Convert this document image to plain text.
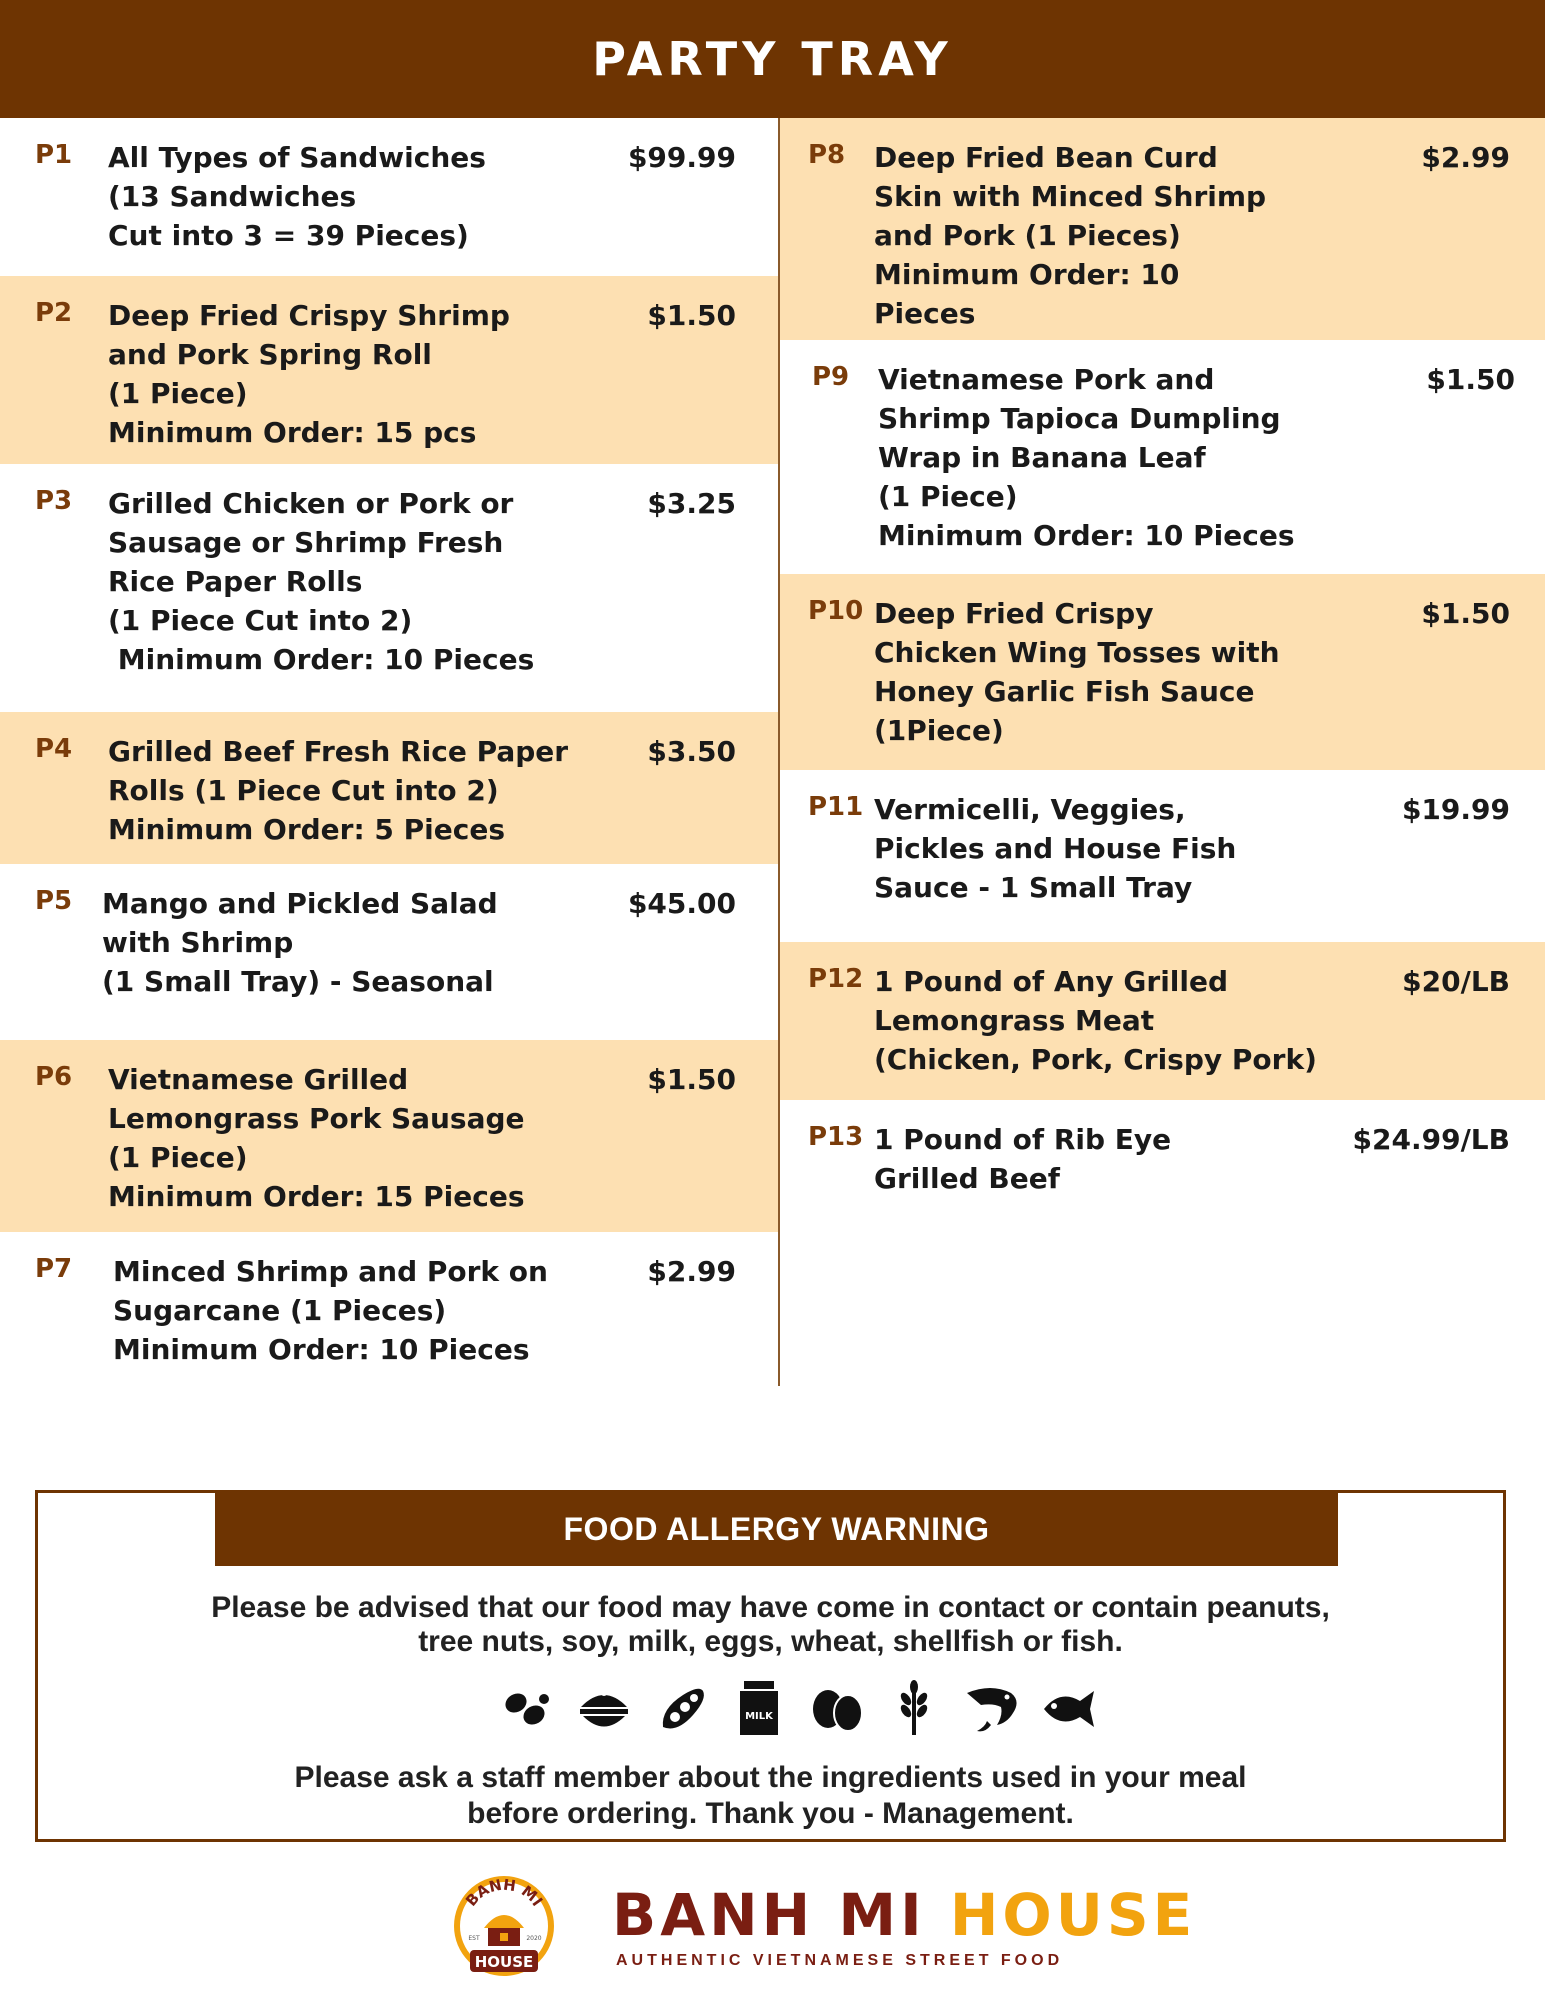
PARTY TRAY
P1 All Types of Sandwiches
(13 Sandwiches
Cut into 3 = 39 Pieces)
$99.99
P2 Deep Fried Crispy Shrimp
and Pork Spring Roll
(1 Piece)
Minimum Order: 15 pcs
$1.50
P3 Grilled Chicken or Pork or
Sausage or Shrimp Fresh
Rice Paper Rolls
(1 Piece Cut into 2)
Minimum Order: 10 Pieces
$3.25
P4 Grilled Beef Fresh Rice Paper
Rolls (1 Piece Cut into 2)
Minimum Order: 5 Pieces
$3.50
P5 Mango and Pickled Salad
with Shrimp
(1 Small Tray) - Seasonal
$45.00
P6 Vietnamese Grilled
Lemongrass Pork Sausage
(1 Piece)
Minimum Order: 15 Pieces
$1.50
P7 Minced Shrimp and Pork on
Sugarcane (1 Pieces)
Minimum Order: 10 Pieces
$2.99
P8 Deep Fried Bean Curd
Skin with Minced Shrimp
and Pork (1 Pieces)
Minimum Order: 10
Pieces
$2.99
P9 Vietnamese Pork and
Shrimp Tapioca Dumpling
Wrap in Banana Leaf
(1 Piece)
Minimum Order: 10 Pieces
$1.50
P10 Deep Fried Crispy
Chicken Wing Tosses with
Honey Garlic Fish Sauce
(1Piece)
$1.50
P11 Vermicelli, Veggies,
Pickles and House Fish
Sauce - 1 Small Tray
$19.99
P12 1 Pound of Any Grilled
Lemongrass Meat
(Chicken, Pork, Crispy Pork)
$20/LB
P13 1 Pound of Rib Eye
Grilled Beef
$24.99/LB
FOOD ALLERGY WARNING
Please be advised that our food may have come in contact or contain peanuts,
tree nuts, soy, milk, eggs, wheat, shellfish or fish.
MILK
Please ask a staff member about the ingredients used in your meal
before ordering. Thank you - Management.
BANH MI
EST	2020
HOUSE
BANH MI HOUSE
AUTHENTIC VIETNAMESE STREET FOOD
